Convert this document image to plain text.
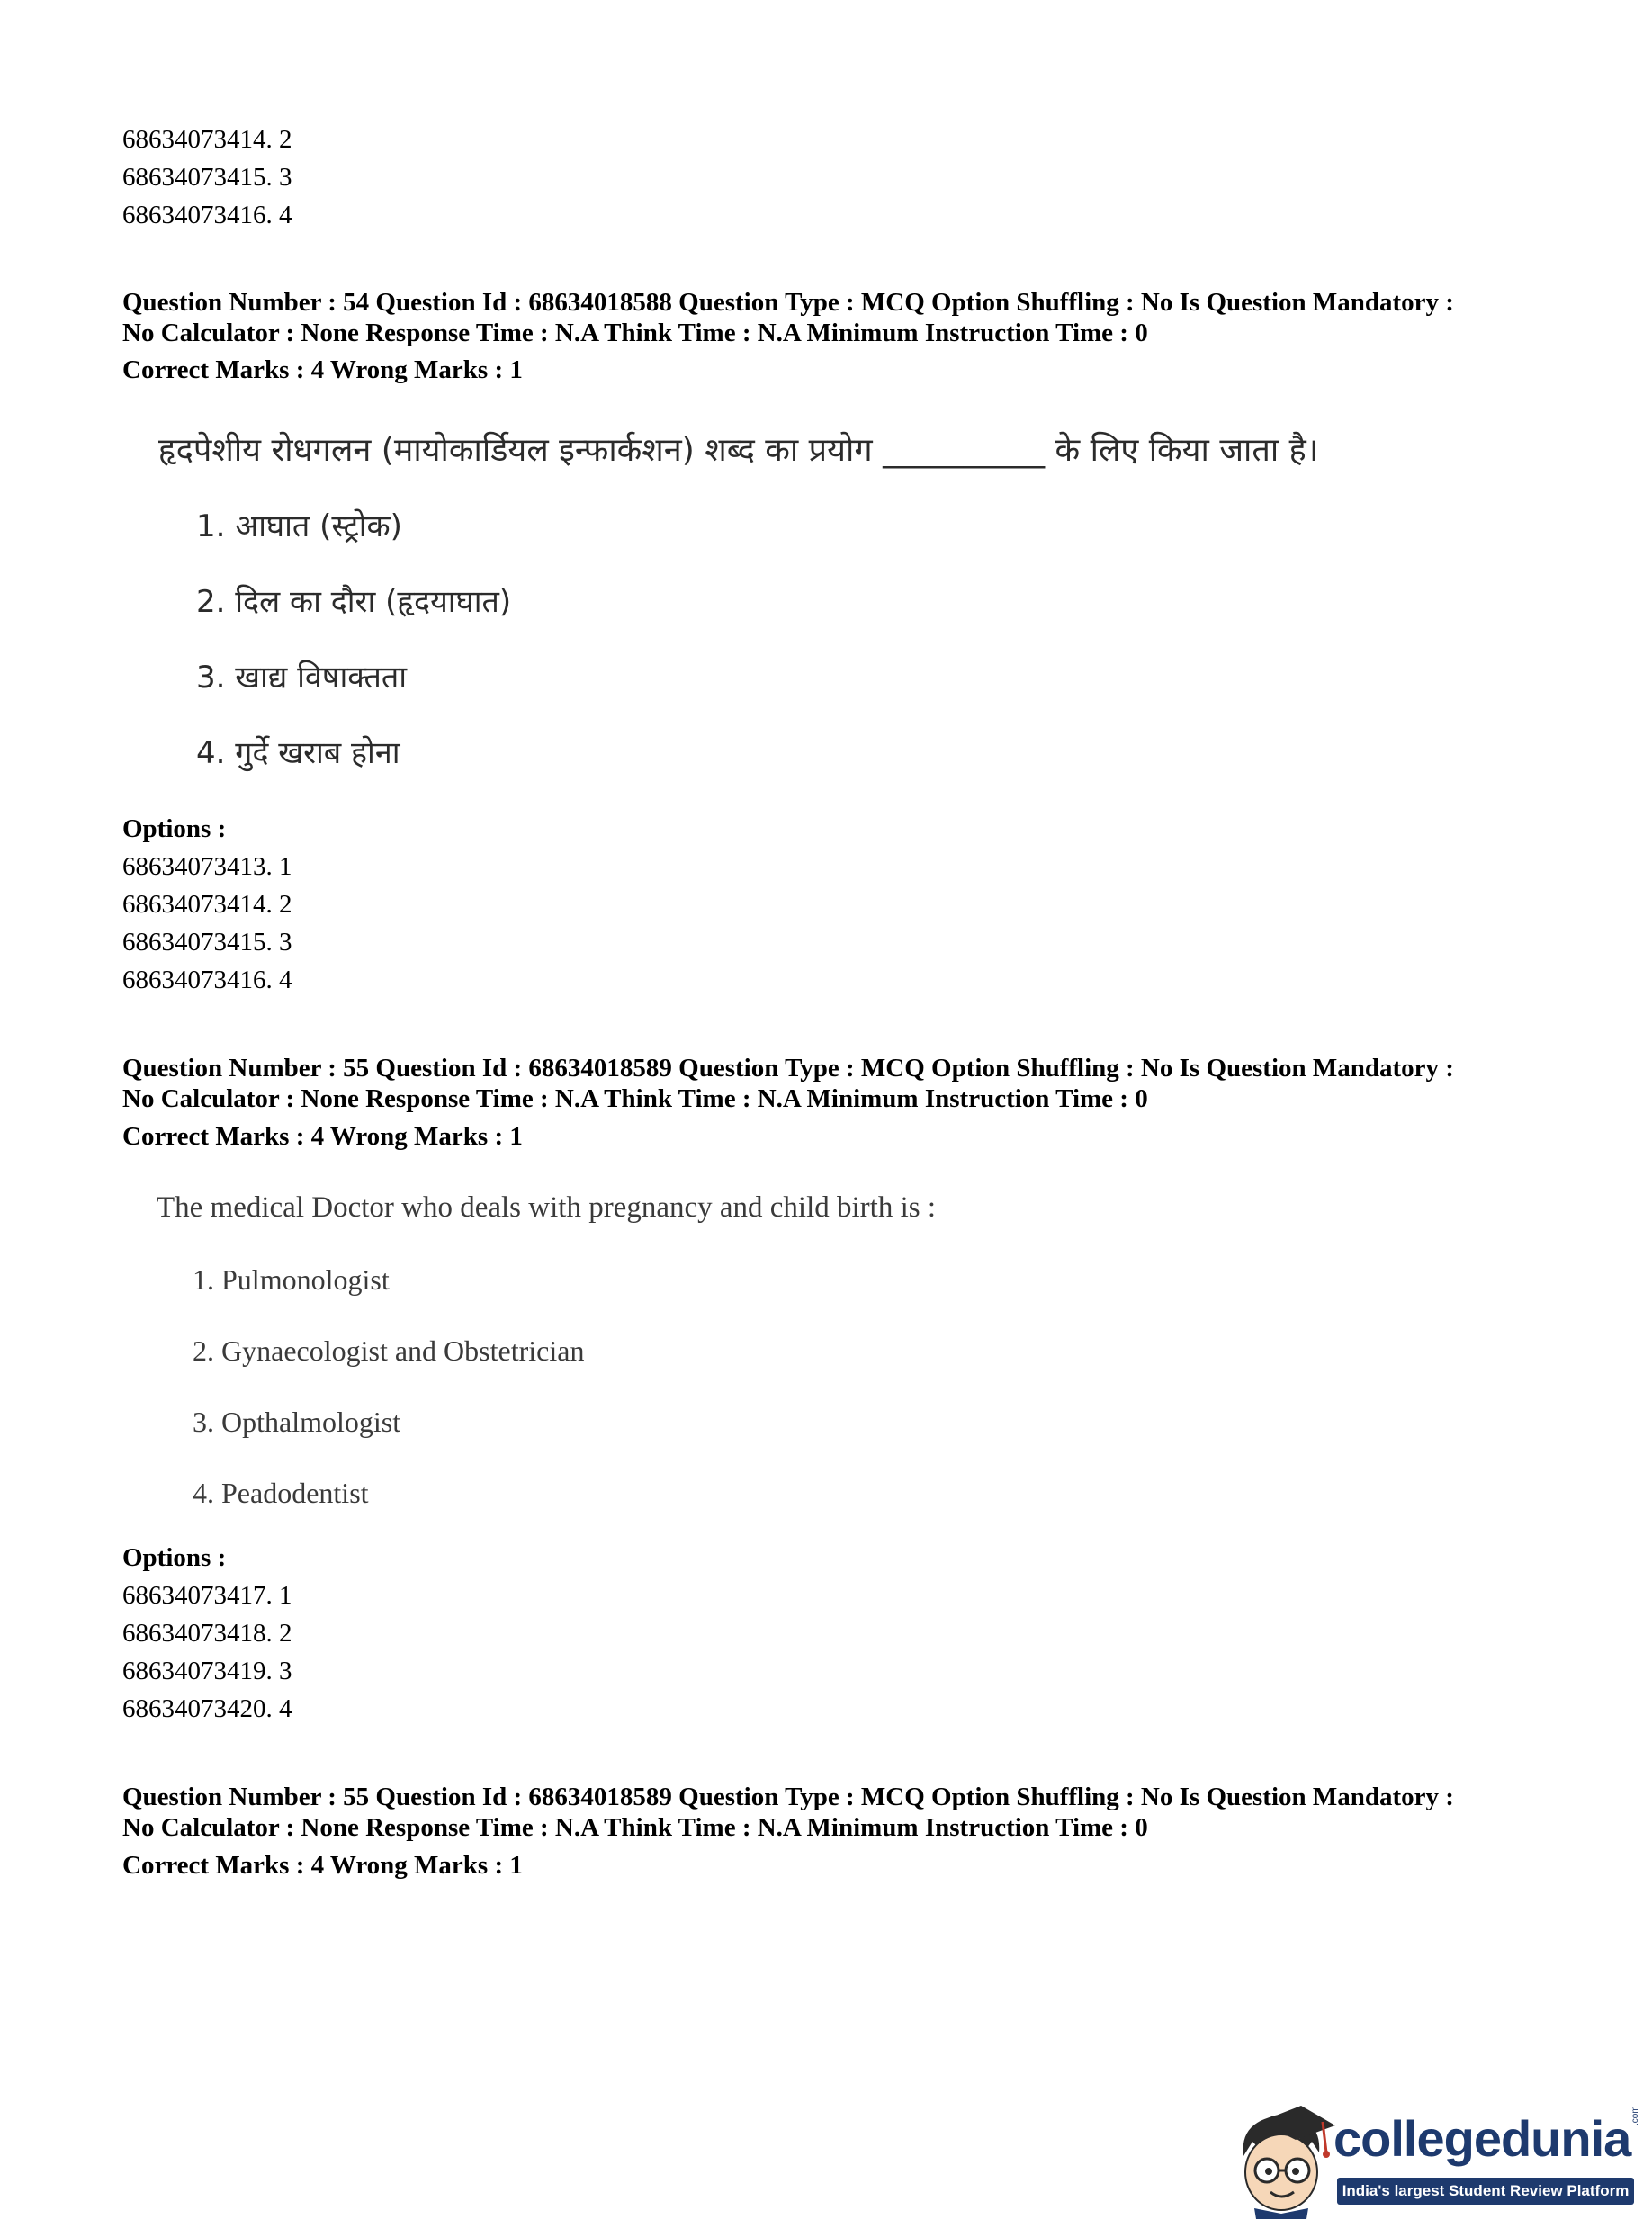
68634073414. 2
68634073415. 3
68634073416. 4
Question Number : 54 Question Id : 68634018588 Question Type : MCQ Option Shuffling : No Is Question Mandatory :
No Calculator : None Response Time : N.A Think Time : N.A Minimum Instruction Time : 0
Correct Marks : 4 Wrong Marks : 1
हृदपेशीय रोधगलन (मायोकार्डियल इन्फार्कशन) शब्द का प्रयोग __________ के लिए किया जाता है।
1. आघात (स्ट्रोक)
2. दिल का दौरा (हृदयाघात)
3. खाद्य विषाक्तता
4. गुर्दे खराब होना
Options :
68634073413. 1
68634073414. 2
68634073415. 3
68634073416. 4
Question Number : 55 Question Id : 68634018589 Question Type : MCQ Option Shuffling : No Is Question Mandatory :
No Calculator : None Response Time : N.A Think Time : N.A Minimum Instruction Time : 0
Correct Marks : 4 Wrong Marks : 1
The medical Doctor who deals with pregnancy and child birth is :
1. Pulmonologist
2. Gynaecologist and Obstetrician
3. Opthalmologist
4. Peadodentist
Options :
68634073417. 1
68634073418. 2
68634073419. 3
68634073420. 4
Question Number : 55 Question Id : 68634018589 Question Type : MCQ Option Shuffling : No Is Question Mandatory :
No Calculator : None Response Time : N.A Think Time : N.A Minimum Instruction Time : 0
Correct Marks : 4 Wrong Marks : 1
collegedunia .com
India's largest Student Review Platform
